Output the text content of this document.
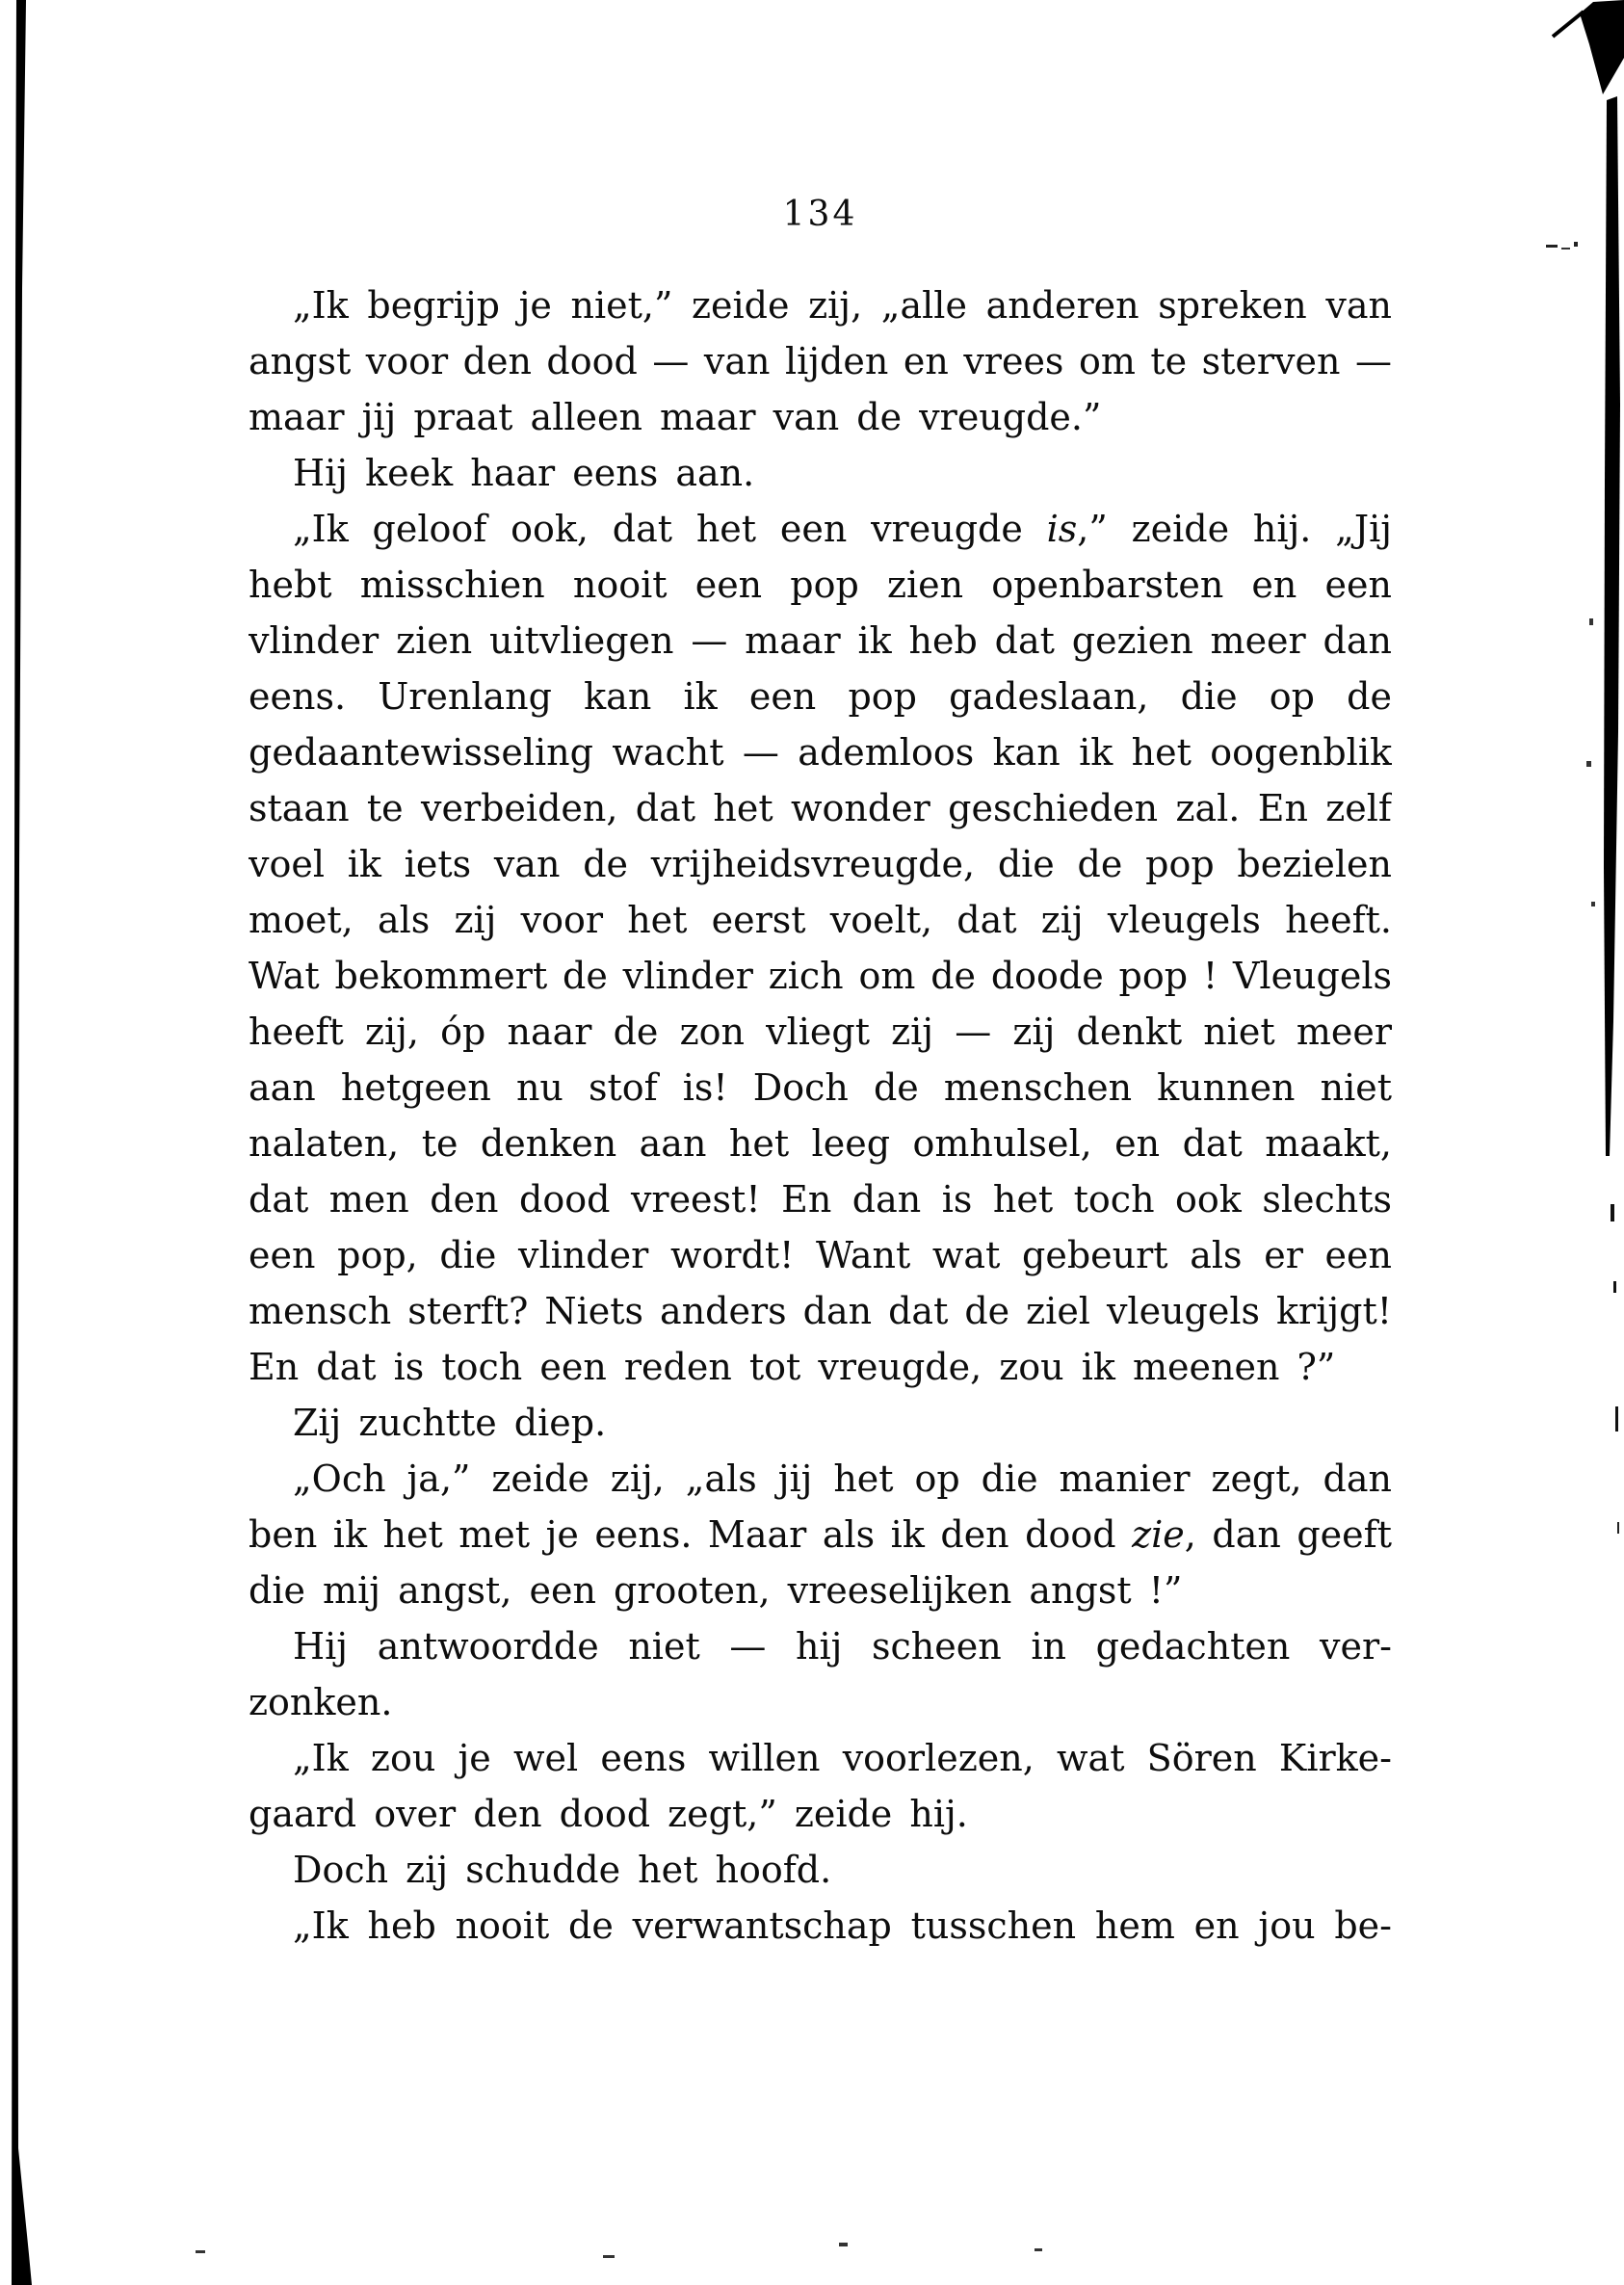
134
„Ik begrijp je niet,” zeide zij, „alle anderen spreken van
angst voor den dood — van lijden en vrees om te sterven —
maar jij praat alleen maar van de vreugde.”
Hij keek haar eens aan.
„Ik geloof ook, dat het een vreugde is,” zeide hij. „Jij
hebt misschien nooit een pop zien openbarsten en een
vlinder zien uitvliegen — maar ik heb dat gezien meer dan
eens. Urenlang kan ik een pop gadeslaan, die op de
gedaantewisseling wacht — ademloos kan ik het oogenblik
staan te verbeiden, dat het wonder geschieden zal. En zelf
voel ik iets van de vrijheidsvreugde, die de pop bezielen
moet, als zij voor het eerst voelt, dat zij vleugels heeft.
Wat bekommert de vlinder zich om de doode pop ! Vleugels
heeft zij, óp naar de zon vliegt zij — zij denkt niet meer
aan hetgeen nu stof is! Doch de menschen kunnen niet
nalaten, te denken aan het leeg omhulsel, en dat maakt,
dat men den dood vreest! En dan is het toch ook slechts
een pop, die vlinder wordt! Want wat gebeurt als er een
mensch sterft? Niets anders dan dat de ziel vleugels krijgt!
En dat is toch een reden tot vreugde, zou ik meenen ?”
Zij zuchtte diep.
„Och ja,” zeide zij, „als jij het op die manier zegt, dan
ben ik het met je eens. Maar als ik den dood zie, dan geeft
die mij angst, een grooten, vreeselijken angst !”
Hij antwoordde niet — hij scheen in gedachten ver-
zonken.
„Ik zou je wel eens willen voorlezen, wat Sören Kirke-
gaard over den dood zegt,” zeide hij.
Doch zij schudde het hoofd.
„Ik heb nooit de verwantschap tusschen hem en jou be-
